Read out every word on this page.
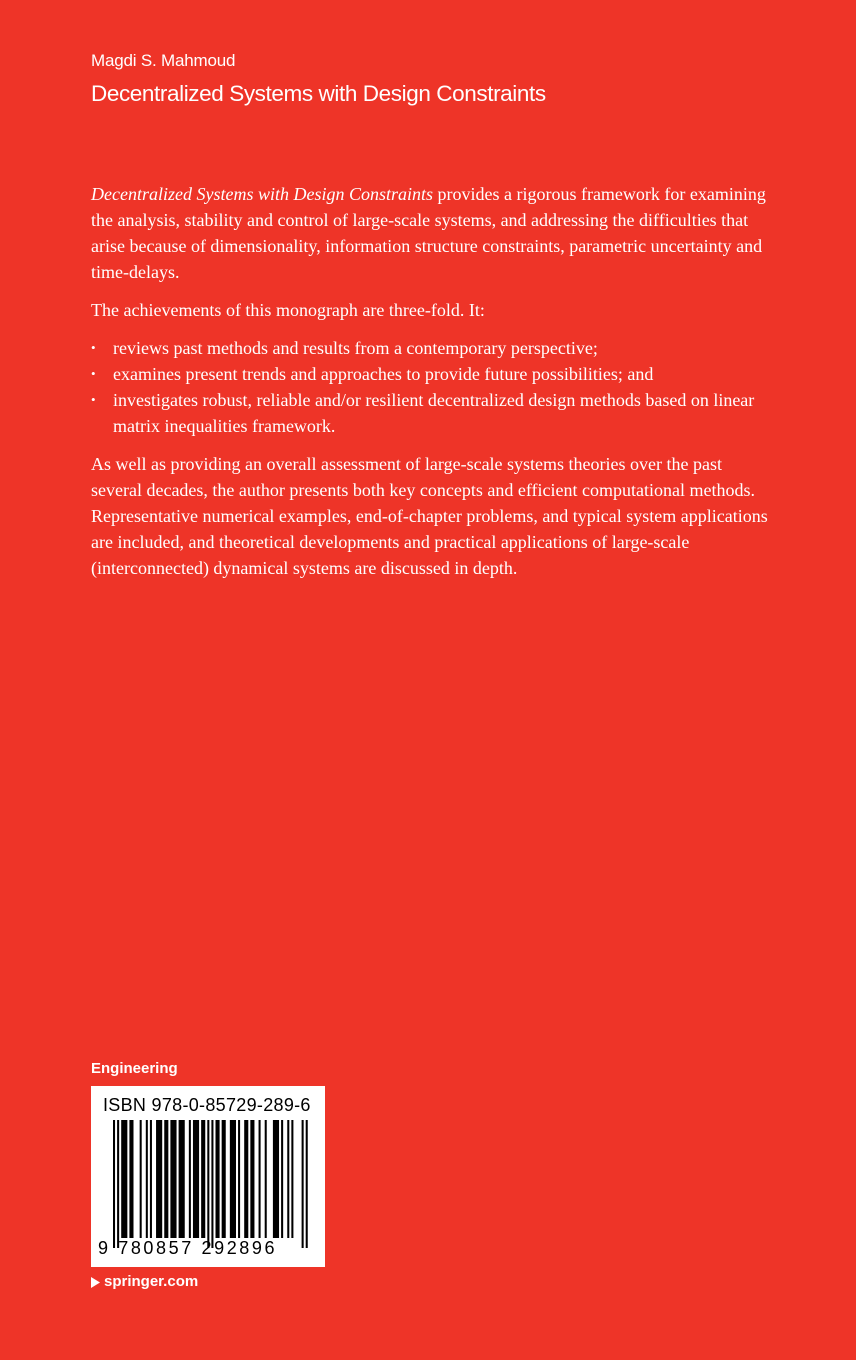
Magdi S. Mahmoud
Decentralized Systems with Design Constraints

Decentralized Systems with Design Constraints provides a rigorous framework for examining the analysis, stability and control of large-scale systems, and addressing the difficulties that arise because of dimensionality, information structure constraints, parametric uncertainty and time-delays.

The achievements of this monograph are three-fold. It:

• reviews past methods and results from a contemporary perspective;
• examines present trends and approaches to provide future possibilities; and
• investigates robust, reliable and/or resilient decentralized design methods based on linear matrix inequalities framework.

As well as providing an overall assessment of large-scale systems theories over the past several decades, the author presents both key concepts and efficient computational methods. Representative numerical examples, end-of-chapter problems, and typical system applications are included, and theoretical developments and practical applications of large-scale (interconnected) dynamical systems are discussed in depth.

Engineering
ISBN 978-0-85729-289-6
9 780857 292896
springer.com
